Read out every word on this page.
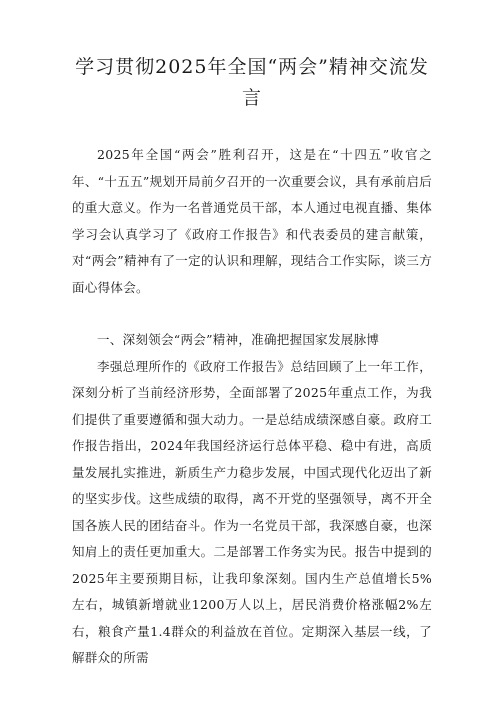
学习贯彻2025年全国“两会”精神交流发言

2025年全国“两会”胜利召开，这是在“十四五”收官之年、“十五五”规划开局前夕召开的一次重要会议，具有承前启后的重大意义。作为一名普通党员干部，本人通过电视直播、集体学习会认真学习了《政府工作报告》和代表委员的建言献策，对“两会”精神有了一定的认识和理解，现结合工作实际，谈三方面心得体会。

一、深刻领会“两会”精神，准确把握国家发展脉博

李强总理所作的《政府工作报告》总结回顾了上一年工作，深刻分析了当前经济形势，全面部署了2025年重点工作，为我们提供了重要遵循和强大动力。一是总结成绩深感自豪。政府工作报告指出，2024年我国经济运行总体平稳、稳中有进，高质量发展扎实推进，新质生产力稳步发展，中国式现代化迈出了新的坚实步伐。这些成绩的取得，离不开党的坚强领导，离不开全国各族人民的团结奋斗。作为一名党员干部，我深感自豪，也深知肩上的责任更加重大。二是部署工作务实为民。报告中提到的2025年主要预期目标，让我印象深刻。国内生产总值增长5%左右，城镇新增就业1200万人以上，居民消费价格涨幅2%左右，粮食产量1.4群众的利益放在首位。定期深入基层一线，了解群众的所需
